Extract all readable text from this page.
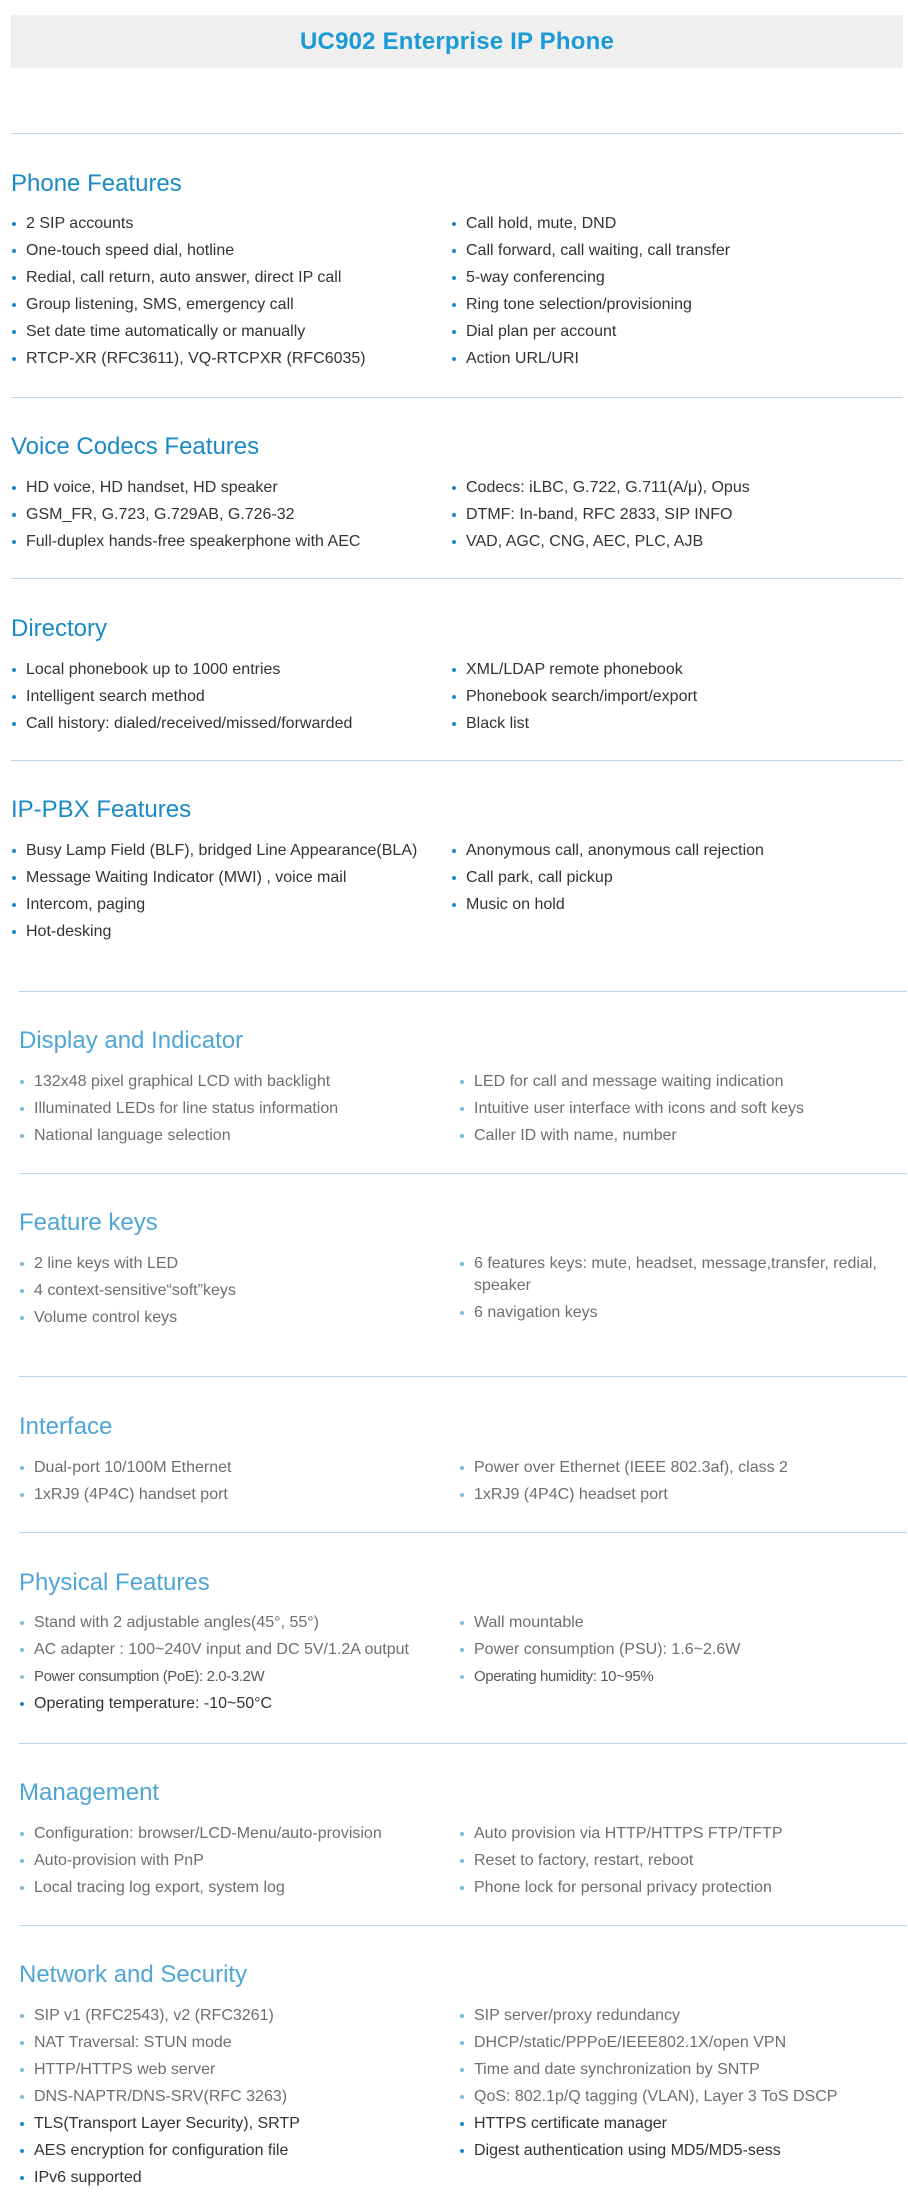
UC902 Enterprise IP Phone
Phone Features
2 SIP accounts
One-touch speed dial, hotline
Redial, call return, auto answer, direct IP call
Group listening, SMS, emergency call
Set date time automatically or manually
RTCP-XR (RFC3611), VQ-RTCPXR (RFC6035)
Call hold, mute, DND
Call forward, call waiting, call transfer
5-way conferencing
Ring tone selection/provisioning
Dial plan per account
Action URL/URI
Voice Codecs Features
HD voice, HD handset, HD speaker
GSM_FR, G.723, G.729AB, G.726-32
Full-duplex hands-free speakerphone with AEC
Codecs: iLBC, G.722, G.711(A/μ), Opus
DTMF: In-band, RFC 2833, SIP INFO
VAD, AGC, CNG, AEC, PLC, AJB
Directory
Local phonebook up to 1000 entries
Intelligent search method
Call history: dialed/received/missed/forwarded
XML/LDAP remote phonebook
Phonebook search/import/export
Black list
IP-PBX Features
Busy Lamp Field (BLF), bridged Line Appearance(BLA)
Message Waiting Indicator (MWI) , voice mail
Intercom, paging
Hot-desking
Anonymous call, anonymous call rejection
Call park, call pickup
Music on hold
Display and Indicator
132x48 pixel graphical LCD with backlight
Illuminated LEDs for line status information
National language selection
LED for call and message waiting indication
Intuitive user interface with icons and soft keys
Caller ID with name, number
Feature keys
2 line keys with LED
4 context-sensitive“soft”keys
Volume control keys
6 features keys: mute, headset, message,transfer, redial, speaker
6 navigation keys
Interface
Dual-port 10/100M Ethernet
1xRJ9 (4P4C) handset port
Power over Ethernet (IEEE 802.3af), class 2
1xRJ9 (4P4C) headset port
Physical Features
Stand with 2 adjustable angles(45°, 55°)
AC adapter : 100~240V input and DC 5V/1.2A output
Power consumption (PoE): 2.0-3.2W
Operating temperature: -10~50°C
Wall mountable
Power consumption (PSU): 1.6~2.6W
Operating humidity: 10~95%
Management
Configuration: browser/LCD-Menu/auto-provision
Auto-provision with PnP
Local tracing log export, system log
Auto provision via HTTP/HTTPS FTP/TFTP
Reset to factory, restart, reboot
Phone lock for personal privacy protection
Network and Security
SIP v1 (RFC2543), v2 (RFC3261)
NAT Traversal: STUN mode
HTTP/HTTPS web server
DNS-NAPTR/DNS-SRV(RFC 3263)
TLS(Transport Layer Security), SRTP
AES encryption for configuration file
IPv6 supported
SIP server/proxy redundancy
DHCP/static/PPPoE/IEEE802.1X/open VPN
Time and date synchronization by SNTP
QoS: 802.1p/Q tagging (VLAN), Layer 3 ToS DSCP
HTTPS certificate manager
Digest authentication using MD5/MD5-sess
